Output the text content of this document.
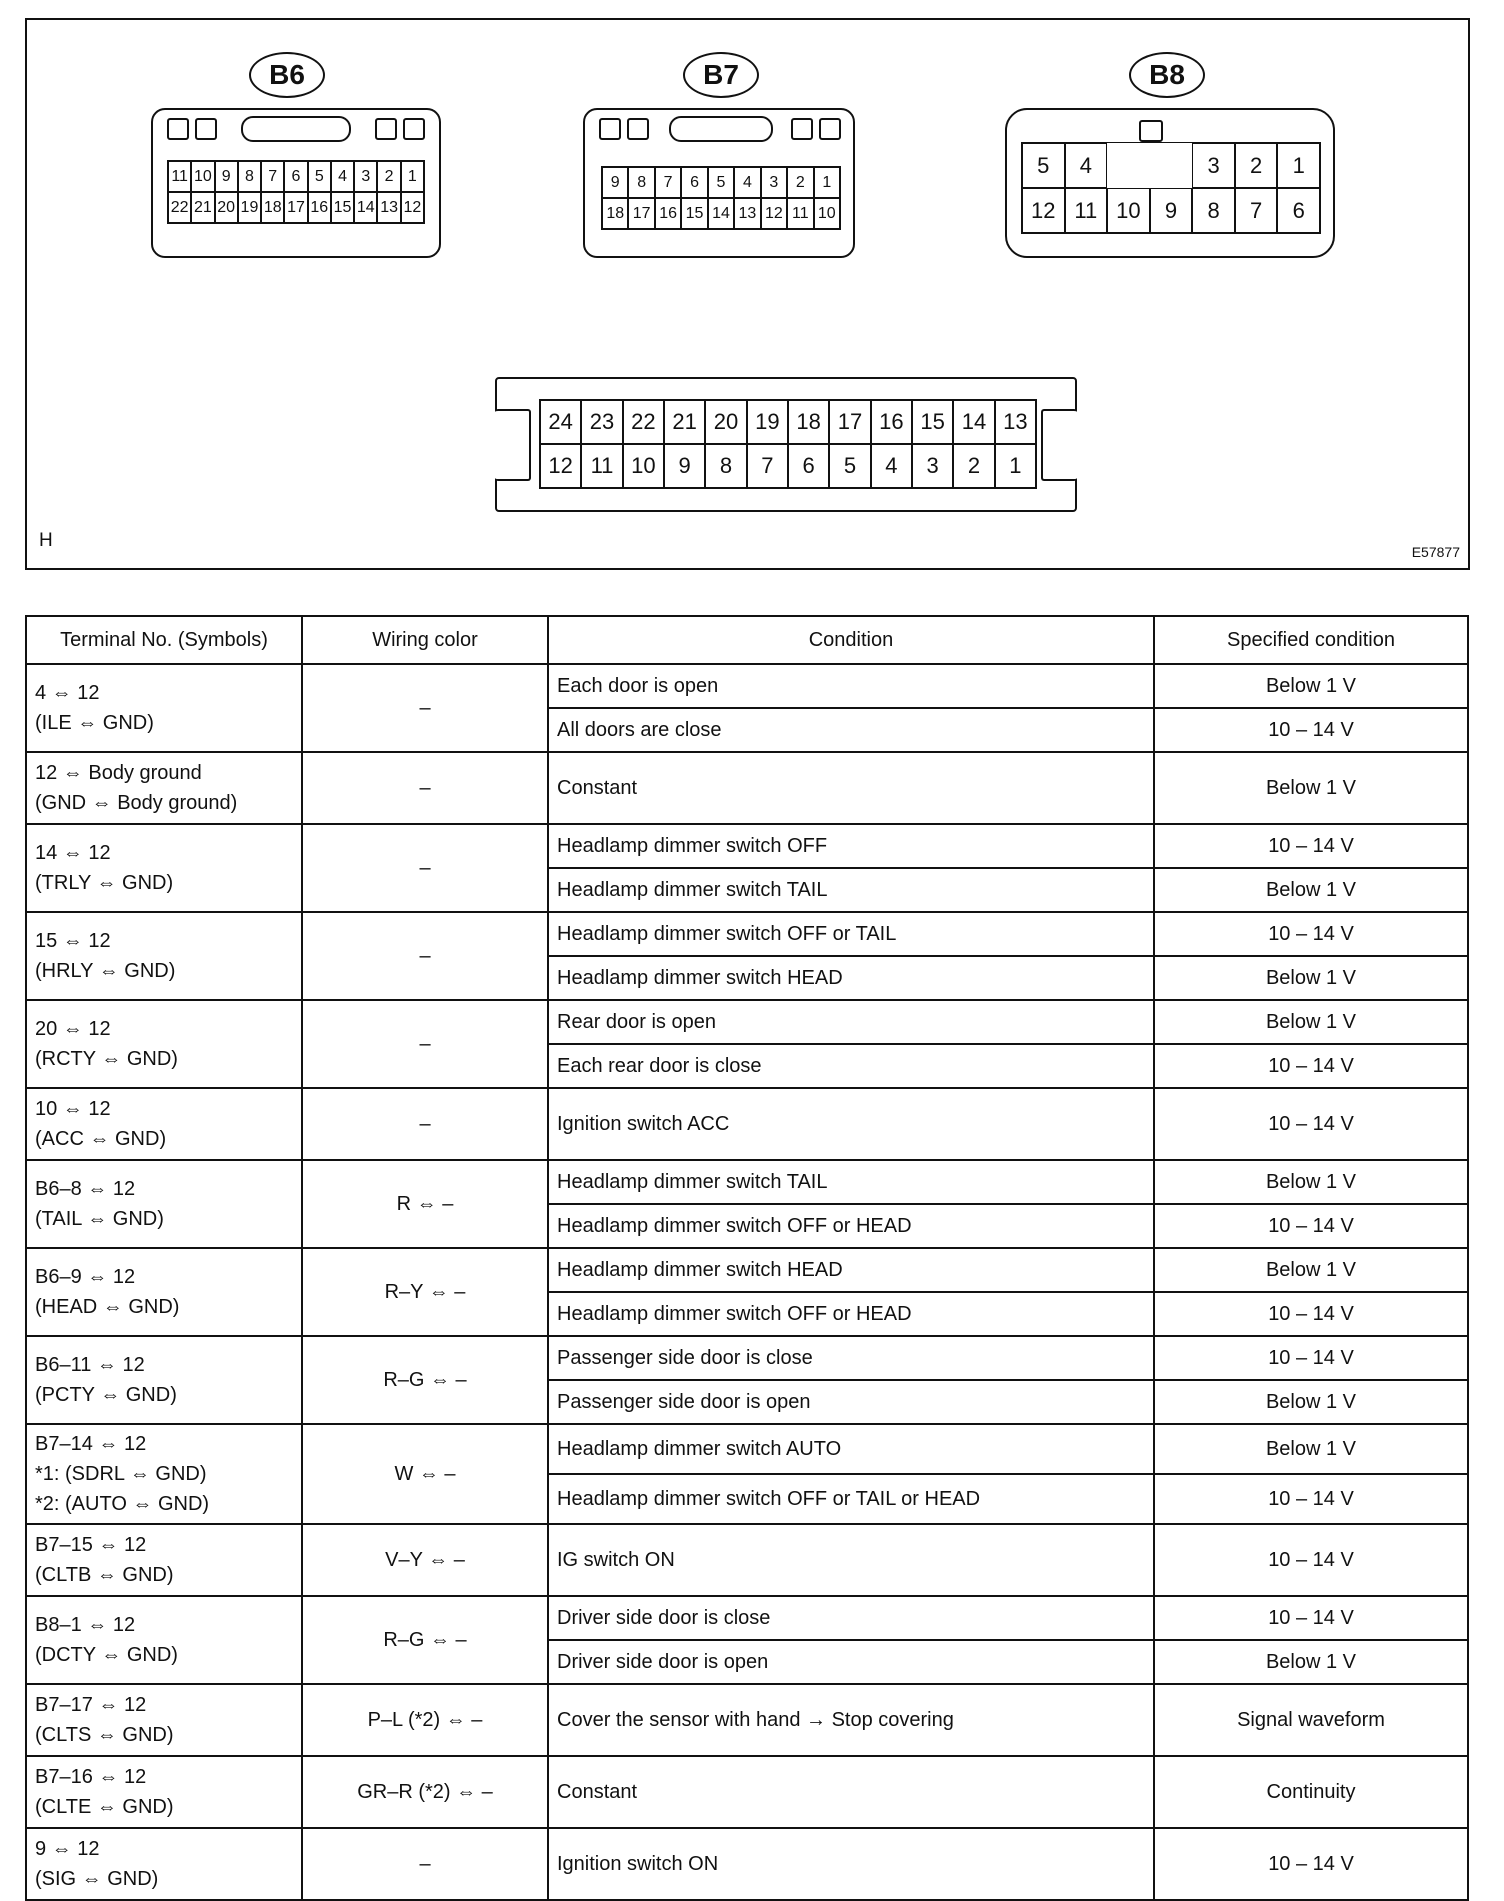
B6
11 10 9 8 7 6 5 4 3 2 1
22 21 20 19 18 17 16 15 14 13 12
B7
9	8	7	6	5	4	3	2	1
18 17 16 15 14 13 12 11 10
B8
5	4	3	2	1
12 11 10	9	8	7	6
24 23 22 21 20 19 18 17 16 15 14 13
12 11 10	9	8	7	6	5	4	3	2	1
H
E57877
Terminal No. (Symbols)	Wiring color	Condition	Specified condition

4 ⇔ 12
(ILE ⇔ GND)	–	Each door is open	Below 1 V
		All doors are close	10 – 14 V

12 ⇔ Body ground
(GND ⇔ Body ground)	–	Constant	Below 1 V

14 ⇔ 12
(TRLY ⇔ GND)	–	Headlamp dimmer switch OFF	10 – 14 V
		Headlamp dimmer switch TAIL	Below 1 V

15 ⇔ 12
(HRLY ⇔ GND)	–	Headlamp dimmer switch OFF or TAIL	10 – 14 V
		Headlamp dimmer switch HEAD	Below 1 V

20 ⇔ 12
(RCTY ⇔ GND)	–	Rear door is open	Below 1 V
		Each rear door is close	10 – 14 V

10 ⇔ 12
(ACC ⇔ GND)	–	Ignition switch ACC	10 – 14 V

B6–8 ⇔ 12
(TAIL ⇔ GND)	R ⇔ –	Headlamp dimmer switch TAIL	Below 1 V
		Headlamp dimmer switch OFF or HEAD	10 – 14 V

B6–9 ⇔ 12
(HEAD ⇔ GND)	R–Y ⇔ –	Headlamp dimmer switch HEAD	Below 1 V
		Headlamp dimmer switch OFF or HEAD	10 – 14 V

B6–11 ⇔ 12
(PCTY ⇔ GND)	R–G ⇔ –	Passenger side door is close	10 – 14 V
		Passenger side door is open	Below 1 V

B7–14 ⇔ 12
*1: (SDRL ⇔ GND)
*2: (AUTO ⇔ GND)	W ⇔ –	Headlamp dimmer switch AUTO	Below 1 V
		Headlamp dimmer switch OFF or TAIL or HEAD	10 – 14 V

B7–15 ⇔ 12
(CLTB ⇔ GND)	V–Y ⇔ –	IG switch ON	10 – 14 V

B8–1 ⇔ 12
(DCTY ⇔ GND)	R–G ⇔ –	Driver side door is close	10 – 14 V
		Driver side door is open	Below 1 V

B7–17 ⇔ 12
(CLTS ⇔ GND)	P–L (*2) ⇔ –	Cover the sensor with hand → Stop covering	Signal waveform

B7–16 ⇔ 12
(CLTE ⇔ GND)	GR–R (*2) ⇔ –	Constant	Continuity

9 ⇔ 12
(SIG ⇔ GND)	–	Ignition switch ON	10 – 14 V
